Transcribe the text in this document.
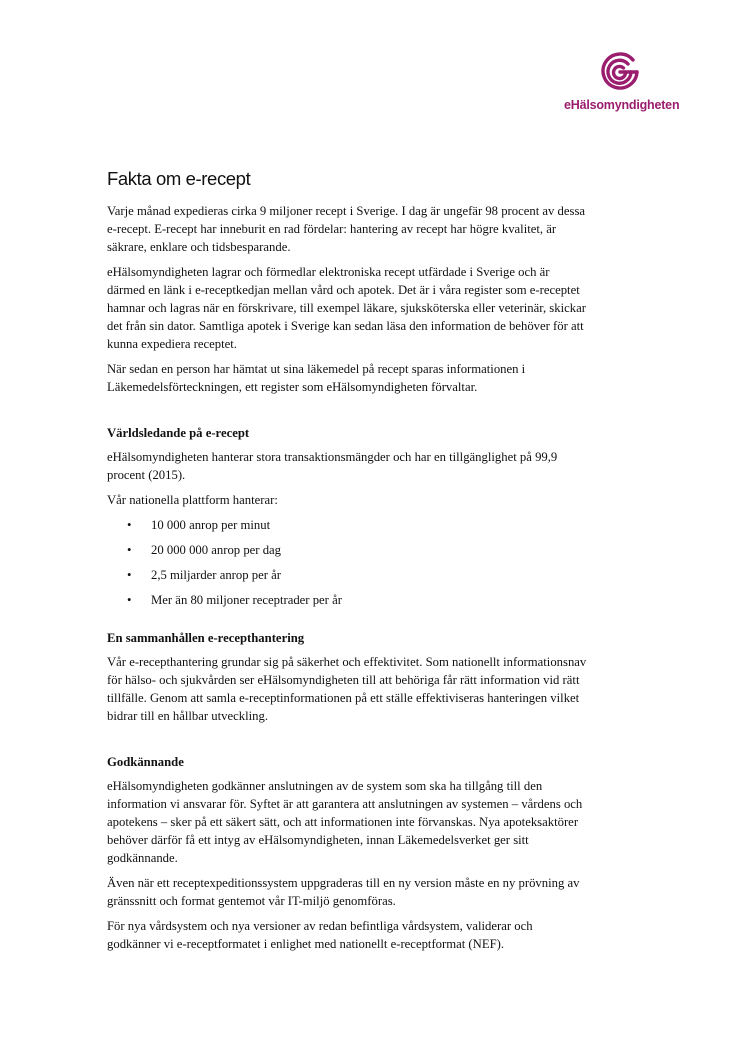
eHälsomyndigheten
Fakta om e-recept

Varje månad expedieras cirka 9 miljoner recept i Sverige. I dag är ungefär 98 procent av dessa e-recept. E-recept har inneburit en rad fördelar: hantering av recept har högre kvalitet, är säkrare, enklare och tidsbesparande.

eHälsomyndigheten lagrar och förmedlar elektroniska recept utfärdade i Sverige och är därmed en länk i e-receptkedjan mellan vård och apotek. Det är i våra register som e-receptet hamnar och lagras när en förskrivare, till exempel läkare, sjuksköterska eller veterinär, skickar det från sin dator. Samtliga apotek i Sverige kan sedan läsa den information de behöver för att kunna expediera receptet.

När sedan en person har hämtat ut sina läkemedel på recept sparas informationen i Läkemedelsförteckningen, ett register som eHälsomyndigheten förvaltar.

Världsledande på e-recept

eHälsomyndigheten hanterar stora transaktionsmängder och har en tillgänglighet på 99,9 procent (2015).

Vår nationella plattform hanterar:

• 10 000 anrop per minut
• 20 000 000 anrop per dag
• 2,5 miljarder anrop per år
• Mer än 80 miljoner receptrader per år
En sammanhållen e-recepthantering

Vår e-recepthantering grundar sig på säkerhet och effektivitet. Som nationellt informationsnav för hälso- och sjukvården ser eHälsomyndigheten till att behöriga får rätt information vid rätt tillfälle. Genom att samla e-receptinformationen på ett ställe effektiviseras hanteringen vilket bidrar till en hållbar utveckling.

Godkännande

eHälsomyndigheten godkänner anslutningen av de system som ska ha tillgång till den information vi ansvarar för. Syftet är att garantera att anslutningen av systemen – vårdens och apotekens – sker på ett säkert sätt, och att informationen inte förvanskas. Nya apoteksaktörer behöver därför få ett intyg av eHälsomyndigheten, innan Läkemedelsverket ger sitt godkännande.

Även när ett receptexpeditionssystem uppgraderas till en ny version måste en ny prövning av gränssnitt och format gentemot vår IT-miljö genomföras.

För nya vårdsystem och nya versioner av redan befintliga vårdsystem, validerar och godkänner vi e-receptformatet i enlighet med nationellt e-receptformat (NEF).
